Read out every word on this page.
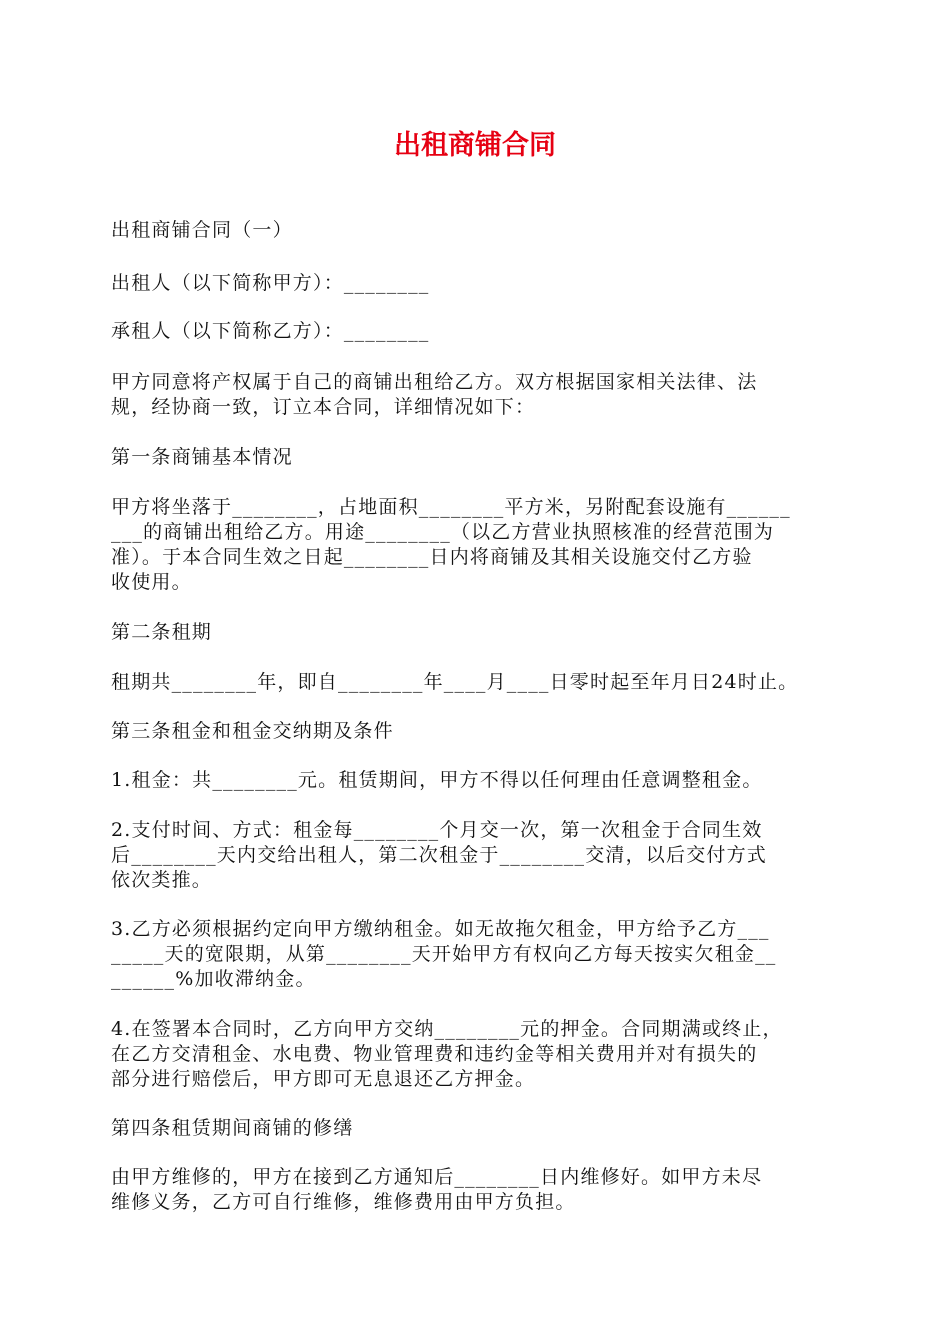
出租商铺合同

出租商铺合同（一）

出租人（以下简称甲方）：________

承租人（以下简称乙方）：________

甲方同意将产权属于自己的商铺出租给乙方。双方根据国家相关法律、法
规，经协商一致，订立本合同，详细情况如下：

第一条商铺基本情况

甲方将坐落于________，占地面积________平方米，另附配套设施有______
___的商铺出租给乙方。用途________（以乙方营业执照核准的经营范围为
准）。于本合同生效之日起________日内将商铺及其相关设施交付乙方验
收使用。

第二条租期

租期共________年，即自________年____月____日零时起至年月日24时止。

第三条租金和租金交纳期及条件

1.租金：共________元。租赁期间，甲方不得以任何理由任意调整租金。

2.支付时间、方式：租金每________个月交一次，第一次租金于合同生效
后________天内交给出租人，第二次租金于________交清，以后交付方式
依次类推。
3.乙方必须根据约定向甲方缴纳租金。如无故拖欠租金，甲方给予乙方___
_____天的宽限期，从第________天开始甲方有权向乙方每天按实欠租金__
______%加收滞纳金。
4.在签署本合同时，乙方向甲方交纳________元的押金。合同期满或终止，
在乙方交清租金、水电费、物业管理费和违约金等相关费用并对有损失的
部分进行赔偿后，甲方即可无息退还乙方押金。

第四条租赁期间商铺的修缮

由甲方维修的，甲方在接到乙方通知后________日内维修好。如甲方未尽
维修义务，乙方可自行维修，维修费用由甲方负担。
